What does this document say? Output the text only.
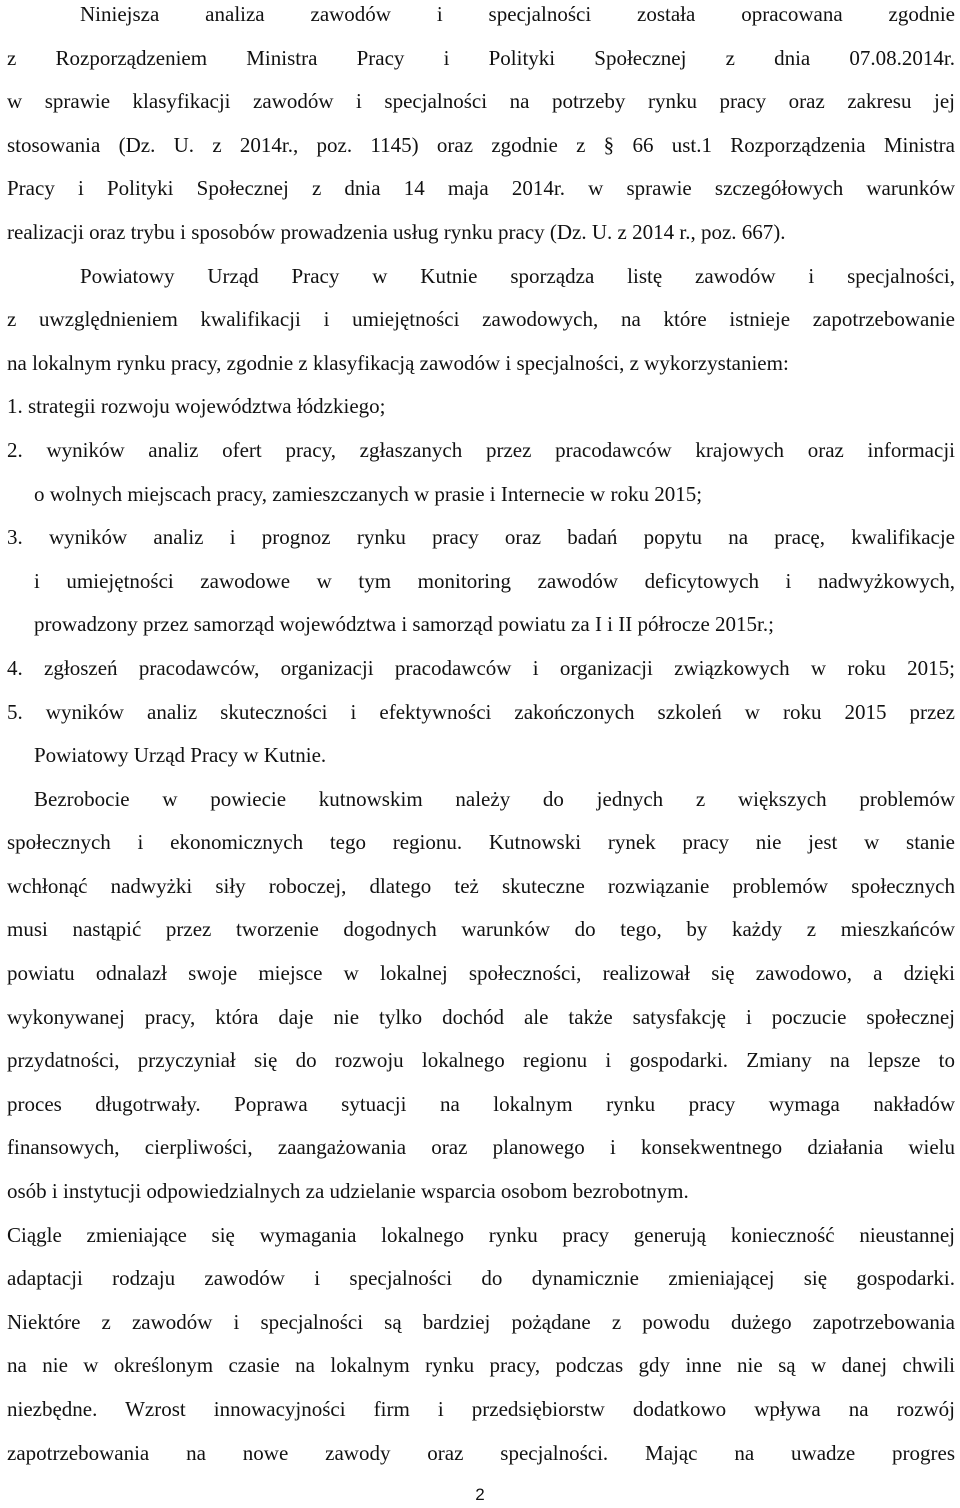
Niniejsza analiza zawodów i specjalności została opracowana zgodnie
z Rozporządzeniem Ministra Pracy i Polityki Społecznej z dnia 07.08.2014r.
w sprawie klasyfikacji zawodów i specjalności na potrzeby rynku pracy oraz zakresu jej
stosowania (Dz. U. z 2014r., poz. 1145) oraz zgodnie z § 66 ust.1 Rozporządzenia Ministra
Pracy i Polityki Społecznej z dnia 14 maja 2014r. w sprawie szczegółowych warunków
realizacji oraz trybu i sposobów prowadzenia usług rynku pracy (Dz. U. z 2014 r., poz. 667).
Powiatowy Urząd Pracy w Kutnie sporządza listę zawodów i specjalności,
z uwzględnieniem kwalifikacji i umiejętności zawodowych, na które istnieje zapotrzebowanie
na lokalnym rynku pracy, zgodnie z klasyfikacją zawodów i specjalności, z wykorzystaniem:
1. strategii rozwoju województwa łódzkiego;
2. wyników analiz ofert pracy, zgłaszanych przez pracodawców krajowych oraz informacji
o wolnych miejscach pracy, zamieszczanych w prasie i Internecie w roku 2015;
3. wyników analiz i prognoz rynku pracy oraz badań popytu na pracę, kwalifikacje
i umiejętności zawodowe w tym monitoring zawodów deficytowych i nadwyżkowych,
prowadzony przez samorząd województwa i samorząd powiatu za I i II półrocze 2015r.;
4. zgłoszeń pracodawców, organizacji pracodawców i organizacji związkowych w roku 2015;
5. wyników analiz skuteczności i efektywności zakończonych szkoleń w roku 2015 przez
Powiatowy Urząd Pracy w Kutnie.
Bezrobocie w powiecie kutnowskim należy do jednych z większych problemów
społecznych i ekonomicznych tego regionu. Kutnowski rynek pracy nie jest w stanie
wchłonąć nadwyżki siły roboczej, dlatego też skuteczne rozwiązanie problemów społecznych
musi nastąpić przez tworzenie dogodnych warunków do tego, by każdy z mieszkańców
powiatu odnalazł swoje miejsce w lokalnej społeczności, realizował się zawodowo, a dzięki
wykonywanej pracy, która daje nie tylko dochód ale także satysfakcję i poczucie społecznej
przydatności, przyczyniał się do rozwoju lokalnego regionu i gospodarki. Zmiany na lepsze to
proces długotrwały. Poprawa sytuacji na lokalnym rynku pracy wymaga nakładów
finansowych, cierpliwości, zaangażowania oraz planowego i konsekwentnego działania wielu
osób i instytucji odpowiedzialnych za udzielanie wsparcia osobom bezrobotnym.
Ciągle zmieniające się wymagania lokalnego rynku pracy generują konieczność nieustannej
adaptacji rodzaju zawodów i specjalności do dynamicznie zmieniającej się gospodarki.
Niektóre z zawodów i specjalności są bardziej pożądane z powodu dużego zapotrzebowania
na nie w określonym czasie na lokalnym rynku pracy, podczas gdy inne nie są w danej chwili
niezbędne. Wzrost innowacyjności firm i przedsiębiorstw dodatkowo wpływa na rozwój
zapotrzebowania na nowe zawody oraz specjalności. Mając na uwadze progres
2
